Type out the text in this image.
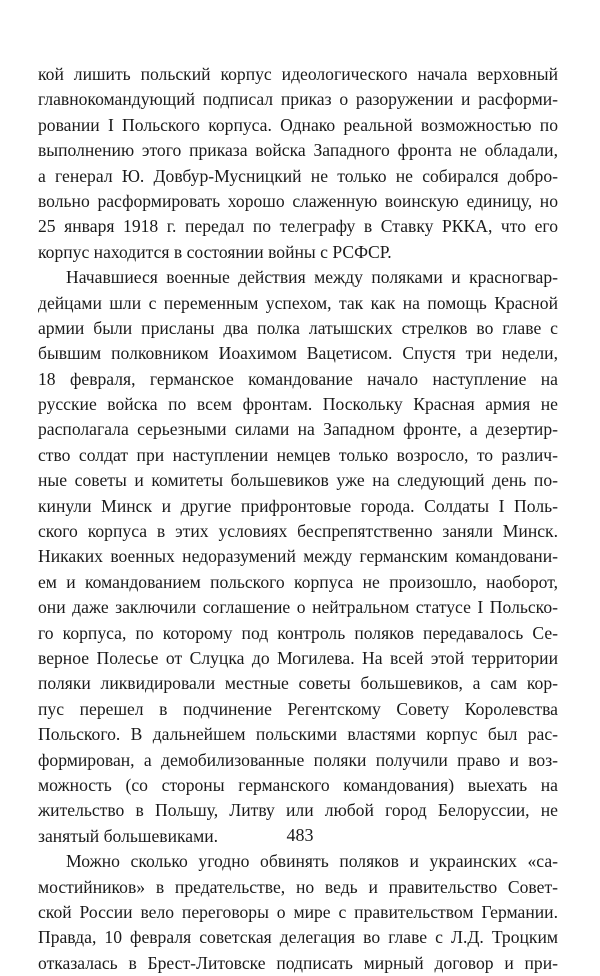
кой лишить польский корпус идеологического начала верховный
главнокомандующий подписал приказ о разоружении и расформи-
ровании I Польского корпуса. Однако реальной возможностью по
выполнению этого приказа войска Западного фронта не обладали,
а генерал Ю. Довбур-Мусницкий не только не собирался добро-
вольно расформировать хорошо слаженную воинскую единицу, но
25 января 1918 г. передал по телеграфу в Ставку РККА, что его
корпус находится в состоянии войны с РСФСР.
Начавшиеся военные действия между поляками и красногвар-
дейцами шли с переменным успехом, так как на помощь Красной
армии были присланы два полка латышских стрелков во главе с
бывшим полковником Иоахимом Вацетисом. Спустя три недели,
18 февраля, германское командование начало наступление на
русские войска по всем фронтам. Поскольку Красная армия не
располагала серьезными силами на Западном фронте, а дезертир-
ство солдат при наступлении немцев только возросло, то различ-
ные советы и комитеты большевиков уже на следующий день по-
кинули Минск и другие прифронтовые города. Солдаты I Поль-
ского корпуса в этих условиях беспрепятственно заняли Минск.
Никаких военных недоразумений между германским командовани-
ем и командованием польского корпуса не произошло, наоборот,
они даже заключили соглашение о нейтральном статусе I Польско-
го корпуса, по которому под контроль поляков передавалось Се-
верное Полесье от Слуцка до Могилева. На всей этой территории
поляки ликвидировали местные советы большевиков, а сам кор-
пус перешел в подчинение Регентскому Совету Королевства
Польского. В дальнейшем польскими властями корпус был рас-
формирован, а демобилизованные поляки получили право и воз-
можность (со стороны германского командования) выехать на
жительство в Польшу, Литву или любой город Белоруссии, не
занятый большевиками.
Можно сколько угодно обвинять поляков и украинских «са-
мостийников» в предательстве, но ведь и правительство Совет-
ской России вело переговоры о мире с правительством Германии.
Правда, 10 февраля советская делегация во главе с Л.Д. Троцким
отказалась в Брест-Литовске подписать мирный договор и при-
483
